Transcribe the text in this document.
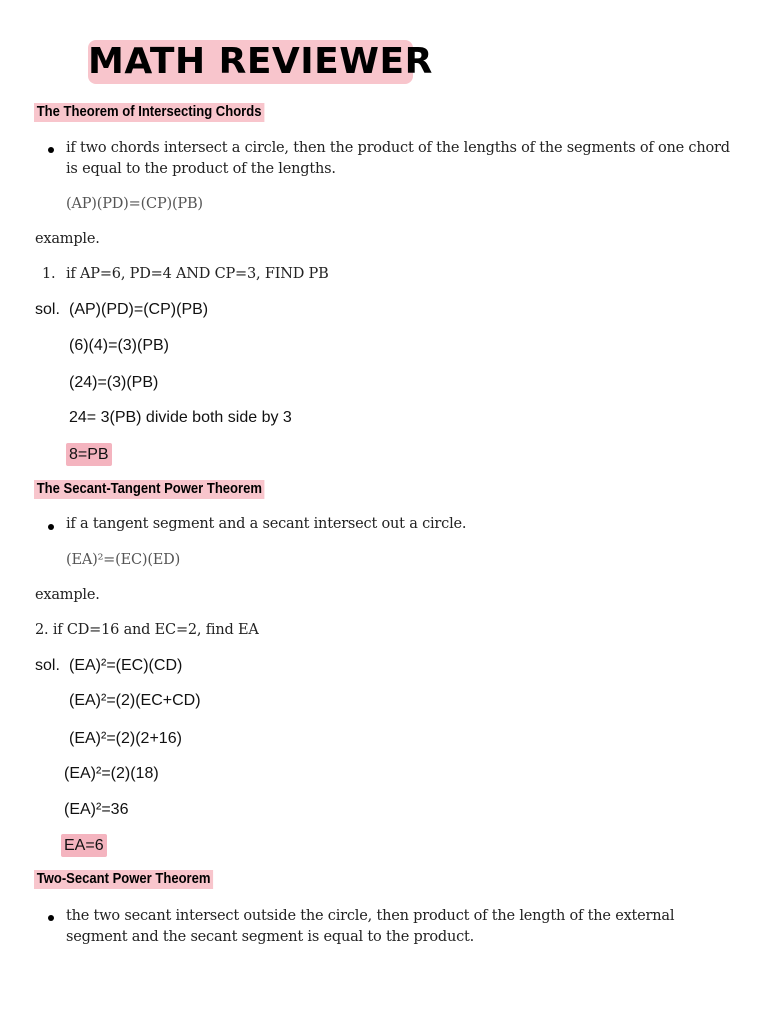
MATH REVIEWER
The Theorem of Intersecting Chords
if two chords intersect a circle, then the product of the lengths of the segments of one chord is equal to the product of the lengths.
(AP)(PD)=(CP)(PB)
example.
1. if AP=6, PD=4 AND CP=3, FIND PB
sol. (AP)(PD)=(CP)(PB)
(6)(4)=(3)(PB)
(24)=(3)(PB)
24= 3(PB) divide both side by 3
8=PB
The Secant-Tangent Power Theorem
if a tangent segment and a secant intersect out a circle.
(EA)²=(EC)(ED)
example.
2. if CD=16 and EC=2, find EA
sol. (EA)²=(EC)(CD)
(EA)²=(2)(EC+CD)
(EA)²=(2)(2+16)
(EA)²=(2)(18)
(EA)²=36
EA=6
Two-Secant Power Theorem
the two secant intersect outside the circle, then product of the length of the external segment and the secant segment is equal to the product.
